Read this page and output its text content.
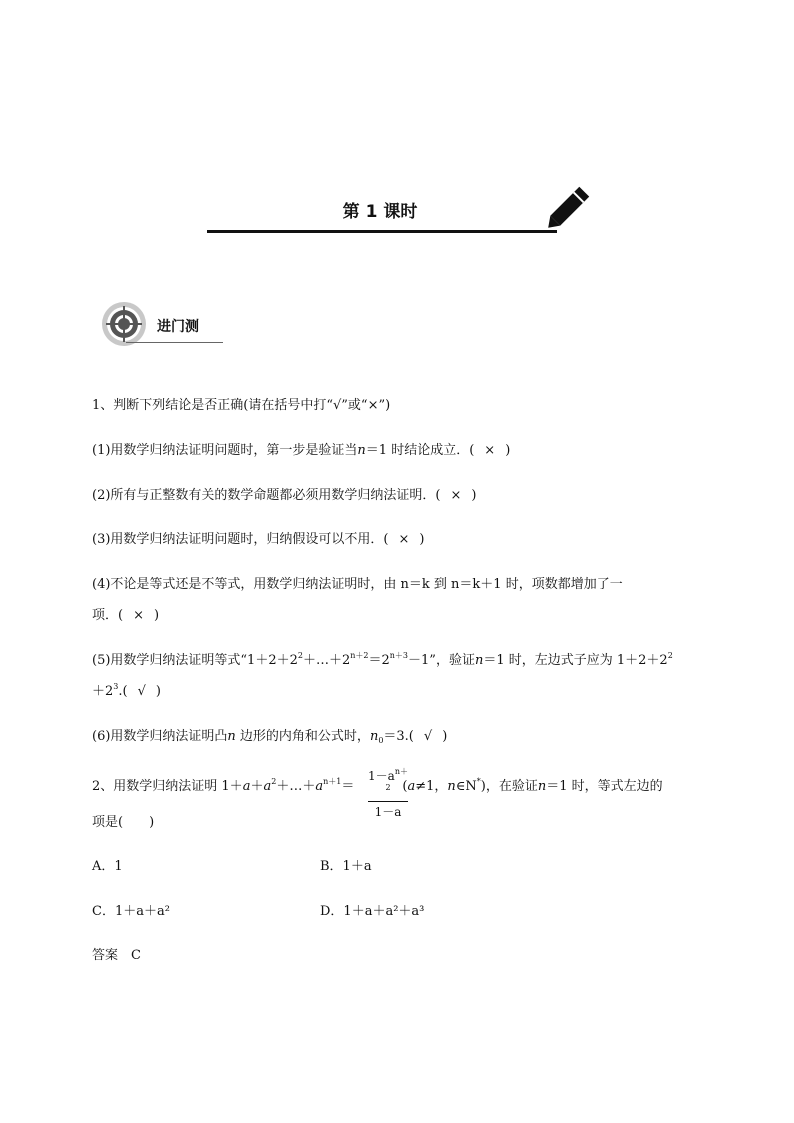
第 1 课时
进门测
1、判断下列结论是否正确(请在括号中打“√”或“×”)
(1)用数学归纳法证明问题时，第一步是验证当n＝1 时结论成立．( × )
(2)所有与正整数有关的数学命题都必须用数学归纳法证明．( × )
(3)用数学归纳法证明问题时，归纳假设可以不用．( × )
(4)不论是等式还是不等式，用数学归纳法证明时，由 n＝k 到 n＝k＋1 时，项数都增加了一
项．( × )
(5)用数学归纳法证明等式“$1+2+2^2+\dots+2^{n+2}=2^{n+3}-1$”，验证n＝1 时，左边式子应为 $1+2+2^2$
$+2^3$.( √ )
(6)用数学归纳法证明凸n 边形的内角和公式时，$n_0=3$.( √ )
2、用数学归纳法证明 $1+a+a^2+\dots+a^{n+1}=$	(a≠1，n∈N*)，在验证n＝1 时，等式左边的
$1-a^{n+2}$
1－a
项是(　　)
A．1	B．1＋a
C．1＋a＋a²	D．1＋a＋a²＋a³
答案　C
